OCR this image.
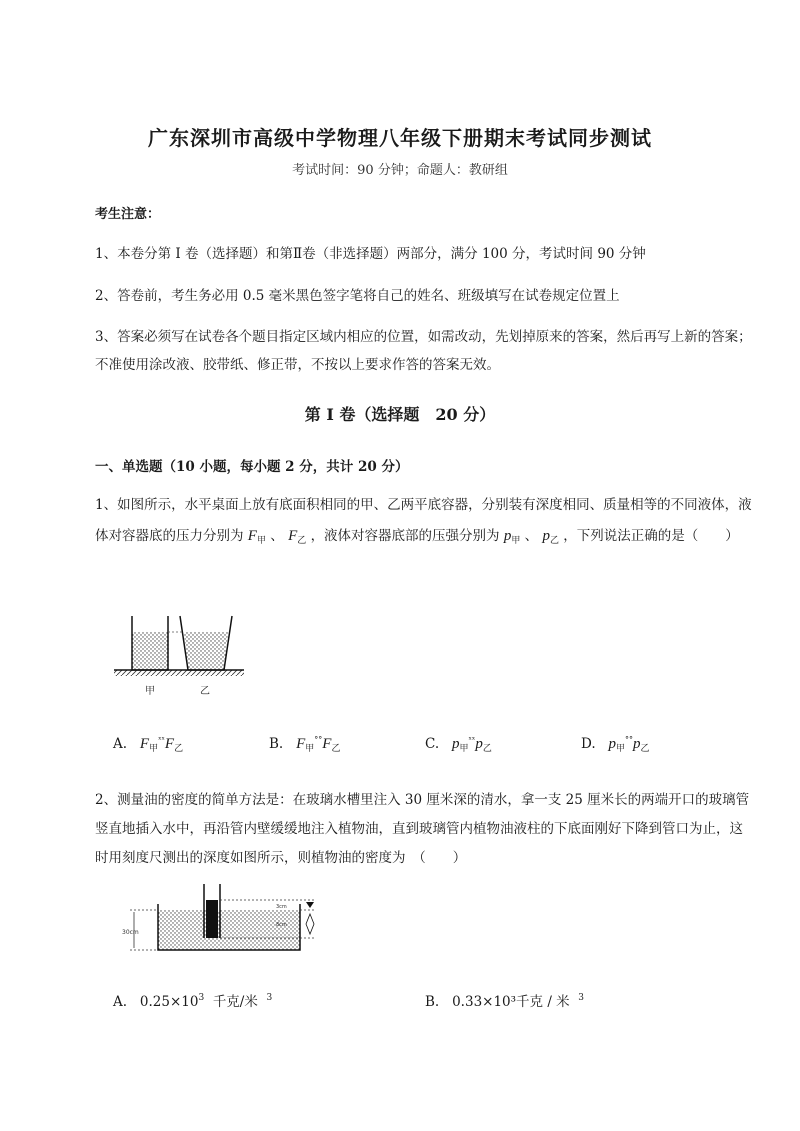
广东深圳市高级中学物理八年级下册期末考试同步测试
考试时间：90 分钟；命题人：教研组
考生注意：
1、本卷分第 I 卷（选择题）和第Ⅱ卷（非选择题）两部分，满分 100 分，考试时间 90 分钟
2、答卷前，考生务必用 0.5 毫米黑色签字笔将自己的姓名、班级填写在试卷规定位置上
3、答案必须写在试卷各个题目指定区域内相应的位置，如需改动，先划掉原来的答案，然后再写上新的答案；不准使用涂改液、胶带纸、修正带，不按以上要求作答的答案无效。
第 I 卷（选择题　20 分）
一、单选题（10 小题，每小题 2 分，共计 20 分）
1、如图所示，水平桌面上放有底面积相同的甲、乙两平底容器，分别装有深度相同、质量相等的不同液体，液体对容器底的压力分别为 $F_甲$ 、 $F_乙$ ，液体对容器底部的压强分别为 $p_甲$ 、 $p_乙$ ，下列说法正确的是（　　）
甲	乙
A. $F_甲^{ˣˣ}F_乙$	B. $F_甲^{^\circ^\circ}F_乙$	C. $p_甲^{ˣˣ}p_乙$	D. $p_甲^{^\circ^\circ}p_乙$
2、测量油的密度的简单方法是：在玻璃水槽里注入 30 厘米深的清水，拿一支 25 厘米长的两端开口的玻璃管竖直地插入水中，再沿管内壁缓缓地注入植物油，直到玻璃管内植物油液柱的下底面刚好下降到管口为止，这时用刻度尺测出的深度如图所示，则植物油的密度为　（　　）
30cm
3cm
8cm
A. $0.25\times 10^3$ 千克/米 $^3$	B. 0.33×10³千克 / 米 $^3$
